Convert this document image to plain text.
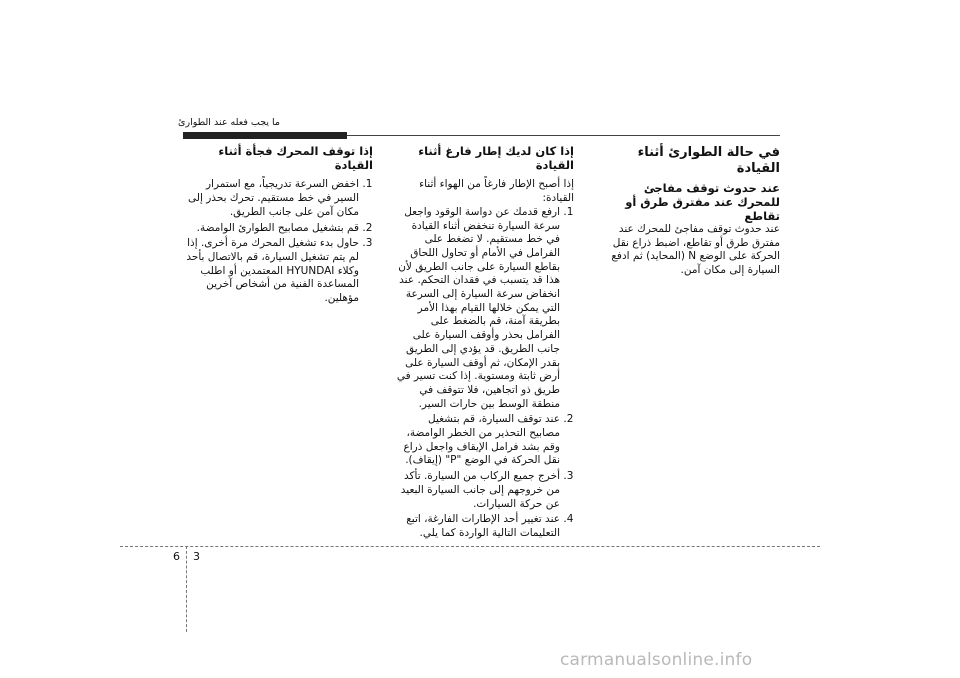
ما يجب فعله عند الطوارئ

في حالة الطوارئ أثناء القيادة

عند حدوث توقف مفاجئ للمحرك عند مفترق طرق أو تقاطع

عند حدوث توقف مفاجئ للمحرك عند مفترق طرق أو تقاطع، اضبط ذراع نقل الحركة على الوضع N (المحايد) ثم ادفع السيارة إلى مكان آمن.

إذا كان لديك إطار فارغ أثناء القيادة

إذا أصبح الإطار فارغاً من الهواء أثناء القيادة:

1. ارفع قدمك عن دواسة الوقود واجعل سرعة السيارة تنخفض أثناء القيادة في خط مستقيم. لا تضغط على الفرامل في الأمام أو تحاول اللحاق بقاطع السيارة على جانب الطريق لأن هذا قد يتسبب في فقدان التحكم. عند انخفاض سرعة السيارة إلى السرعة التي يمكن خلالها القيام بهذا الأمر بطريقة آمنة، قم بالضغط على الفرامل بحذر وأوقف السيارة على جانب الطريق. قد يؤدي إلى الطريق بقدر الإمكان، ثم أوقف السيارة على أرض ثابتة ومستوية. إذا كنت تسير في طريق ذو اتجاهين، فلا تتوقف في منطقة الوسط بين حارات السير.
2. عند توقف السيارة، قم بتشغيل مصابيح التحذير من الخطر الوامضة، وقم بشد فرامل الإيقاف واجعل ذراع نقل الحركة في الوضع "P" (إيقاف).
3. أخرج جميع الركاب من السيارة. تأكد من خروجهم إلى جانب السيارة البعيد عن حركة السيارات.
4. عند تغيير أحد الإطارات الفارغة، اتبع التعليمات التالية الواردة كما يلي.

إذا توقف المحرك فجأة أثناء القيادة

1. اخفض السرعة تدريجياً، مع استمرار السير في خط مستقيم. تحرك بحذر إلى مكان آمن على جانب الطريق.
2. قم بتشغيل مصابيح الطوارئ الوامضة.
3. حاول بدء تشغيل المحرك مرة أخرى. إذا لم يتم تشغيل السيارة، قم بالاتصال بأحد وكلاء HYUNDAI المعتمدين أو اطلب المساعدة الفنية من أشخاص آخرين مؤهلين.
6 3
carmanualsonline.info
